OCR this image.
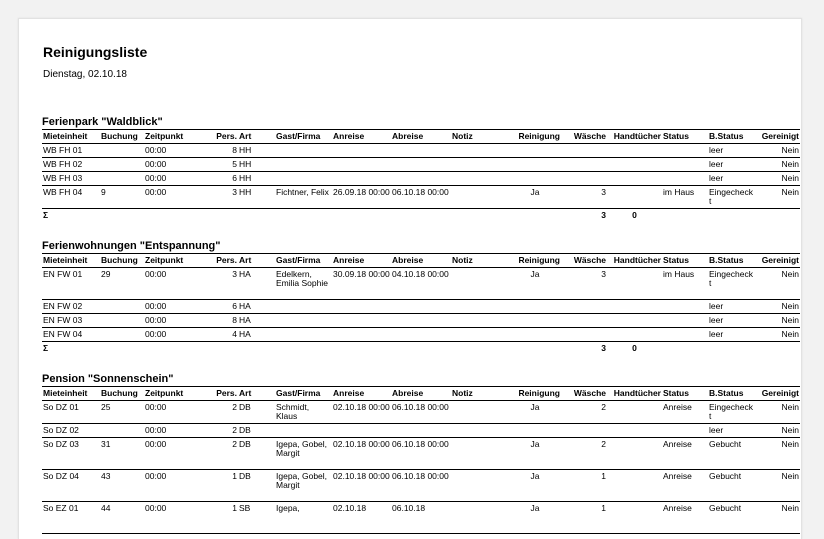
Reinigungsliste
Dienstag, 02.10.18
Ferienpark "Waldblick"
Mieteinheit	Buchung	Zeitpunkt	Pers.	Art	Gast/Firma	Anreise	Abreise	Notiz	Reinigung	Wäsche	Handtücher	Status	B.Status	Gereinigt
WB FH 01		00:00	8	HH									leer	Nein
WB FH 02		00:00	5	HH									leer	Nein
WB FH 03		00:00	6	HH									leer	Nein
WB FH 04	9	00:00	3	HH	Fichtner, Felix	26.09.18 00:00	06.10.18 00:00		Ja	3		im Haus	Eingecheckt	Nein
Σ										3	0			
Ferienwohnungen "Entspannung"
Mieteinheit	Buchung	Zeitpunkt	Pers.	Art	Gast/Firma	Anreise	Abreise	Notiz	Reinigung	Wäsche	Handtücher	Status	B.Status	Gereinigt
EN FW 01	29	00:00	3	HA	Edelkern, Emilia Sophie	30.09.18 00:00	04.10.18 00:00		Ja	3		im Haus	Eingecheckt	Nein
EN FW 02		00:00	6	HA									leer	Nein
EN FW 03		00:00	8	HA									leer	Nein
EN FW 04		00:00	4	HA									leer	Nein
Σ										3	0			
Pension "Sonnenschein"
Mieteinheit	Buchung	Zeitpunkt	Pers.	Art	Gast/Firma	Anreise	Abreise	Notiz	Reinigung	Wäsche	Handtücher	Status	B.Status	Gereinigt
So DZ 01	25	00:00	2	DB	Schmidt, Klaus	02.10.18 00:00	06.10.18 00:00		Ja	2		Anreise	Eingecheckt	Nein
So DZ 02		00:00	2	DB									leer	Nein
So DZ 03	31	00:00	2	DB	Igepa, Gobel, Margit	02.10.18 00:00	06.10.18 00:00		Ja	2		Anreise	Gebucht	Nein
So DZ 04	43	00:00	1	DB	Igepa, Gobel, Margit	02.10.18 00:00	06.10.18 00:00		Ja	1		Anreise	Gebucht	Nein
So EZ 01	44	00:00	1	SB	Igepa,	02.10.18	06.10.18		Ja	1		Anreise	Gebucht	Nein
